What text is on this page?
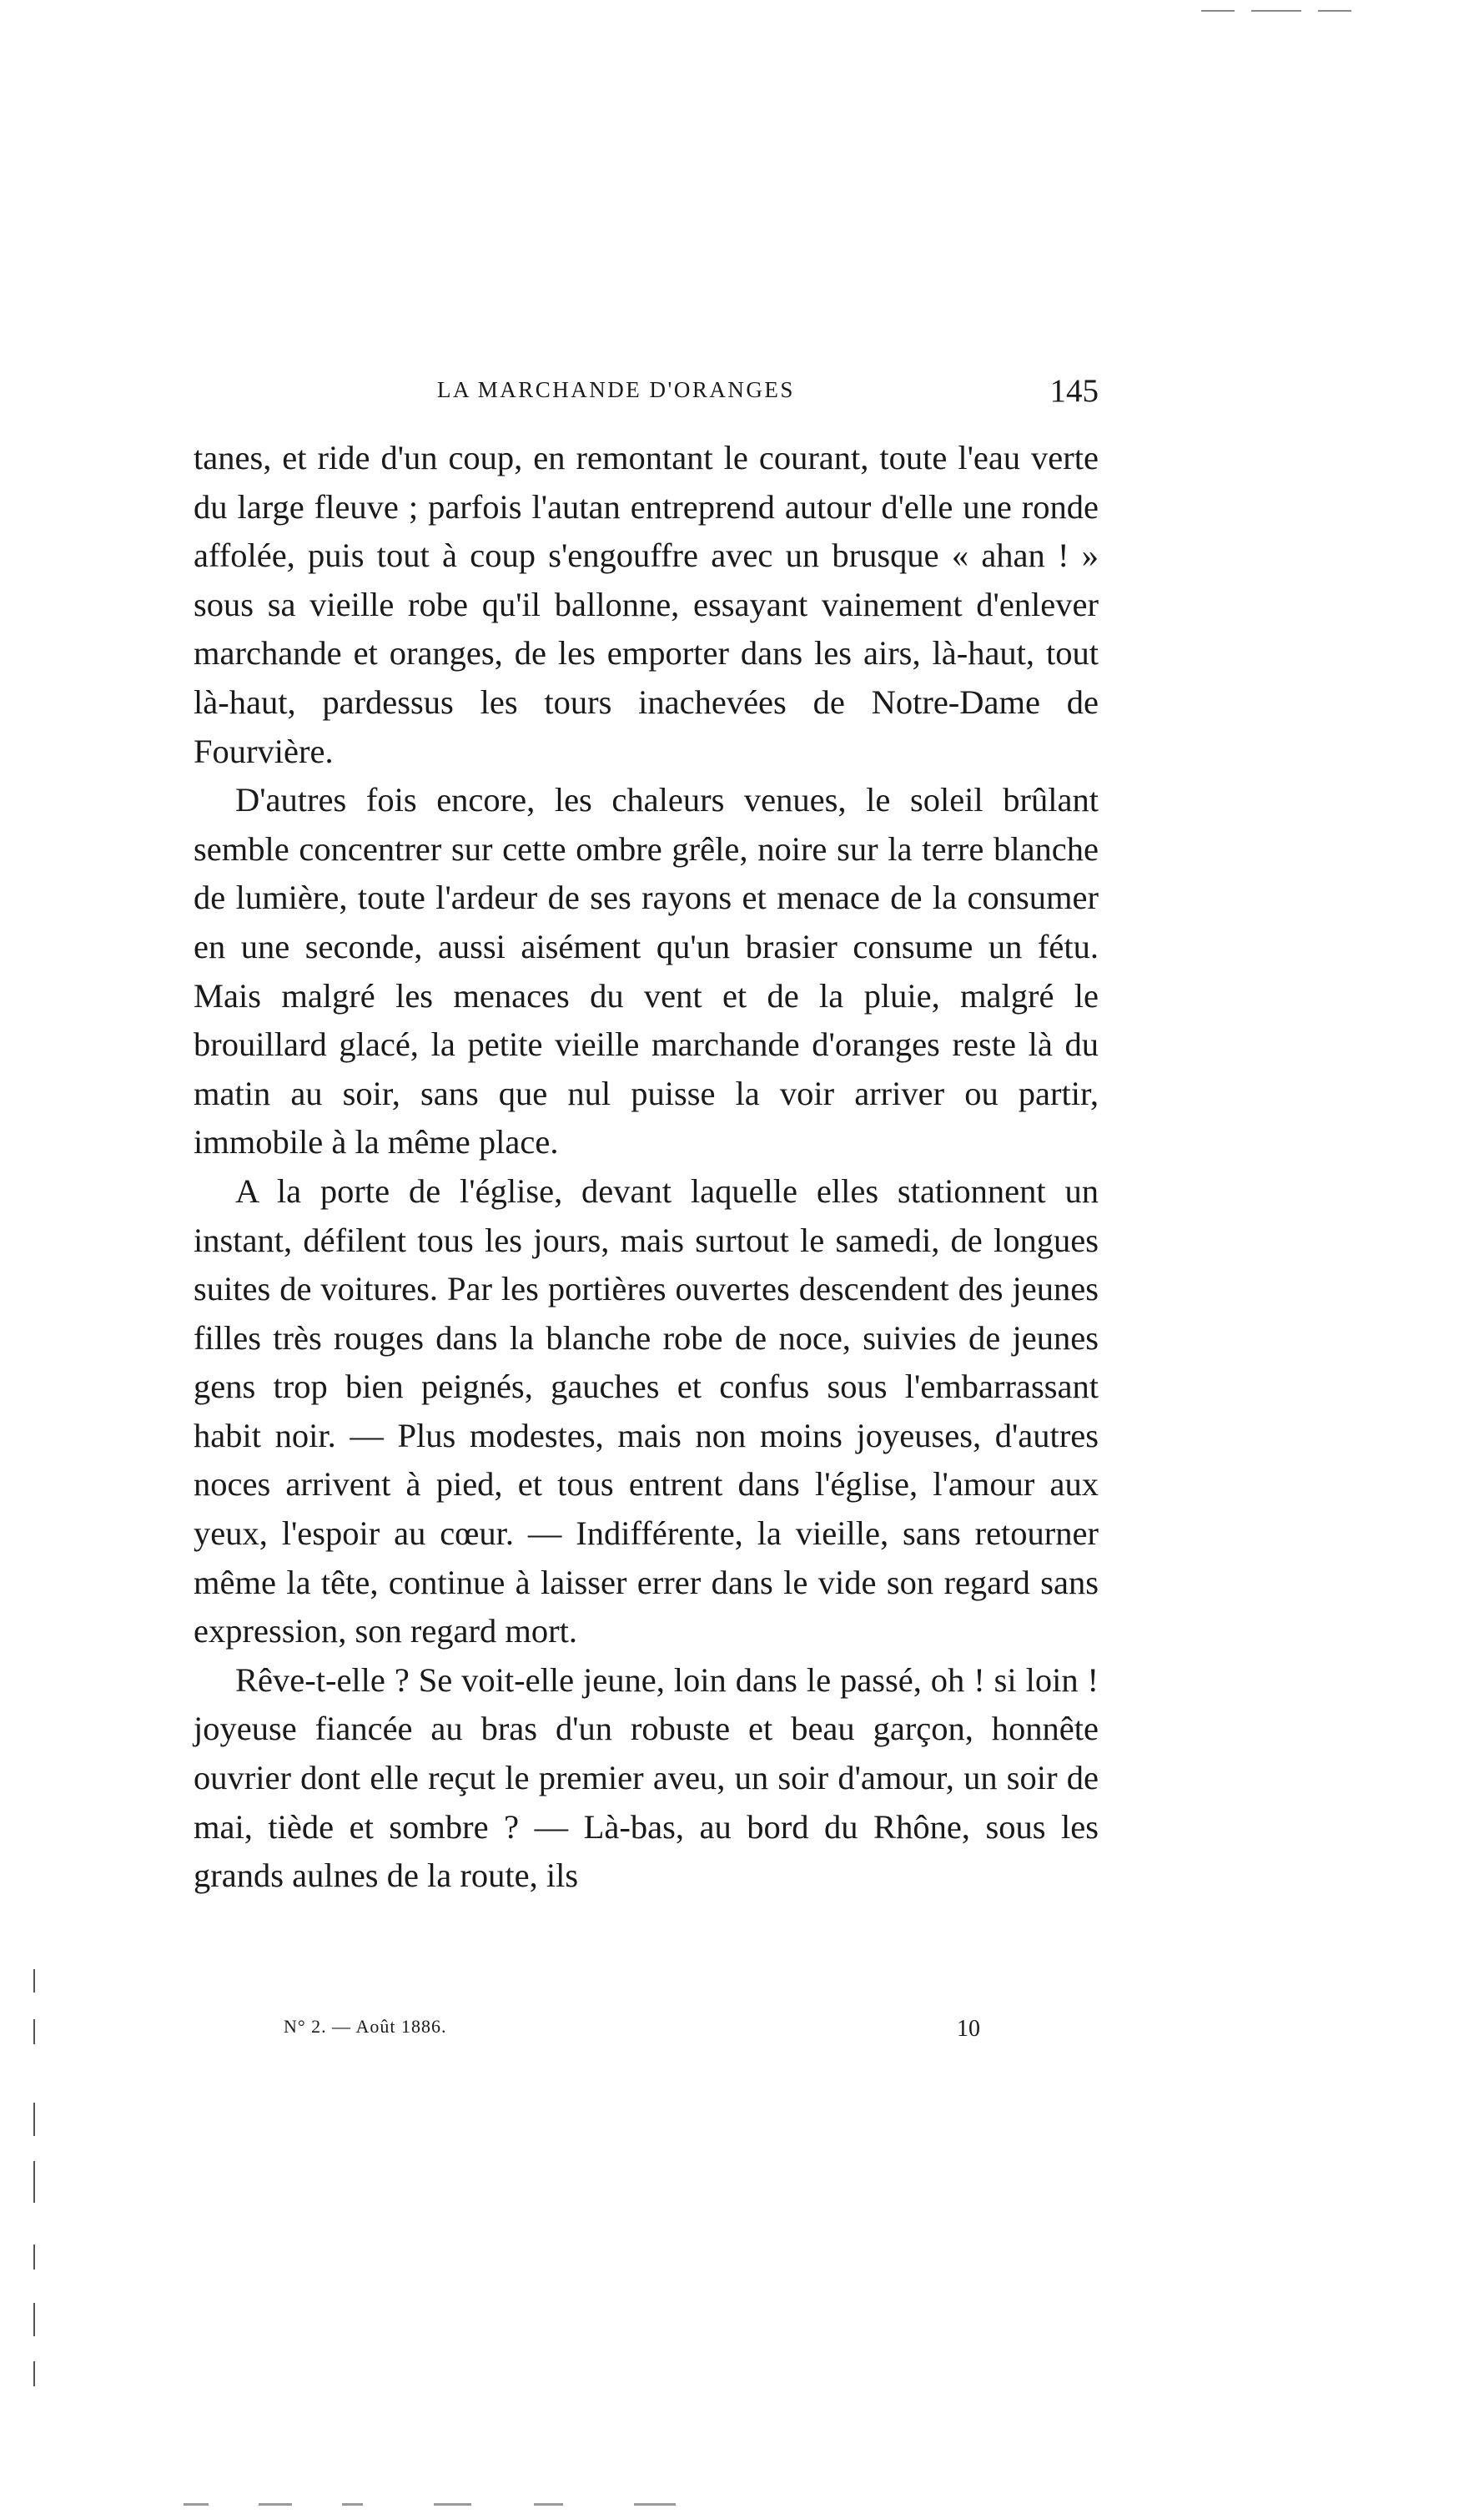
LA MARCHANDE D'ORANGES	145

tanes, et ride d'un coup, en remontant le courant, toute l'eau verte du large fleuve ; parfois l'autan entreprend autour d'elle une ronde affolée, puis tout à coup s'engouffre avec un brusque « ahan ! » sous sa vieille robe qu'il ballonne, essayant vainement d'enlever marchande et oranges, de les emporter dans les airs, là-haut, tout là-haut, pardessus les tours inachevées de Notre-Dame de Fourvière.

D'autres fois encore, les chaleurs venues, le soleil brûlant semble concentrer sur cette ombre grêle, noire sur la terre blanche de lumière, toute l'ardeur de ses rayons et menace de la consumer en une seconde, aussi aisément qu'un brasier consume un fétu. Mais malgré les menaces du vent et de la pluie, malgré le brouillard glacé, la petite vieille marchande d'oranges reste là du matin au soir, sans que nul puisse la voir arriver ou partir, immobile à la même place.

A la porte de l'église, devant laquelle elles stationnent un instant, défilent tous les jours, mais surtout le samedi, de longues suites de voitures. Par les portières ouvertes descendent des jeunes filles très rouges dans la blanche robe de noce, suivies de jeunes gens trop bien peignés, gauches et confus sous l'embarrassant habit noir. — Plus modestes, mais non moins joyeuses, d'autres noces arrivent à pied, et tous entrent dans l'église, l'amour aux yeux, l'espoir au cœur. — Indifférente, la vieille, sans retourner même la tête, continue à laisser errer dans le vide son regard sans expression, son regard mort.

Rêve-t-elle ? Se voit-elle jeune, loin dans le passé, oh ! si loin ! joyeuse fiancée au bras d'un robuste et beau garçon, honnête ouvrier dont elle reçut le premier aveu, un soir d'amour, un soir de mai, tiède et sombre ? — Là-bas, au bord du Rhône, sous les grands aulnes de la route, ils

N° 2. — Août 1886.	10
